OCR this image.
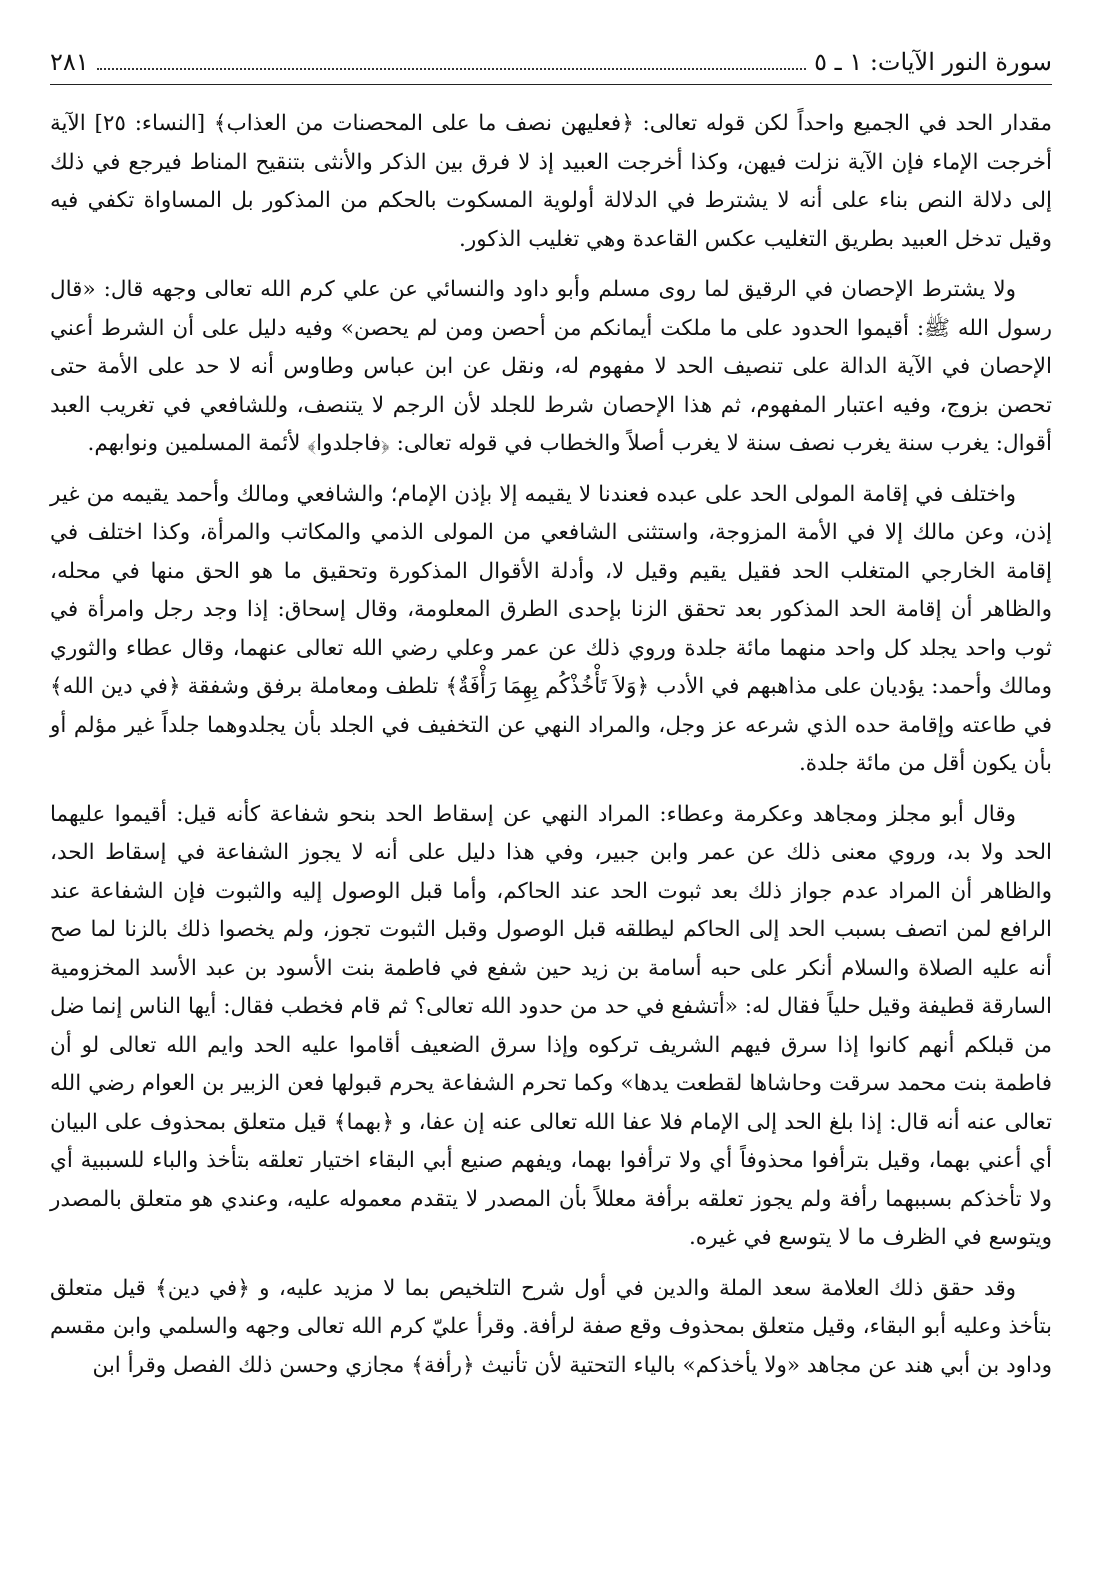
سورة النور الآيات: ١ ـ ٥
٢٨١

مقدار الحد في الجميع واحداً لكن قوله تعالى: ﴿فعليهن نصف ما على المحصنات من العذاب﴾ [النساء: ٢٥] الآية أخرجت الإماء فإن الآية نزلت فيهن، وكذا أخرجت العبيد إذ لا فرق بين الذكر والأنثى بتنقيح المناط فيرجع في ذلك إلى دلالة النص بناء على أنه لا يشترط في الدلالة أولوية المسكوت بالحكم من المذكور بل المساواة تكفي فيه وقيل تدخل العبيد بطريق التغليب عكس القاعدة وهي تغليب الذكور.

ولا يشترط الإحصان في الرقيق لما روى مسلم وأبو داود والنسائي عن علي كرم الله تعالى وجهه قال: «قال رسول الله ﷺ: أقيموا الحدود على ما ملكت أيمانكم من أحصن ومن لم يحصن» وفيه دليل على أن الشرط أعني الإحصان في الآية الدالة على تنصيف الحد لا مفهوم له، ونقل عن ابن عباس وطاوس أنه لا حد على الأمة حتى تحصن بزوج، وفيه اعتبار المفهوم، ثم هذا الإحصان شرط للجلد لأن الرجم لا يتنصف، وللشافعي في تغريب العبد أقوال: يغرب سنة يغرب نصف سنة لا يغرب أصلاً والخطاب في قوله تعالى: ﴿فاجلدوا﴾ لأئمة المسلمين ونوابهم.

واختلف في إقامة المولى الحد على عبده فعندنا لا يقيمه إلا بإذن الإمام؛ والشافعي ومالك وأحمد يقيمه من غير إذن، وعن مالك إلا في الأمة المزوجة، واستثنى الشافعي من المولى الذمي والمكاتب والمرأة، وكذا اختلف في إقامة الخارجي المتغلب الحد فقيل يقيم وقيل لا، وأدلة الأقوال المذكورة وتحقيق ما هو الحق منها في محله، والظاهر أن إقامة الحد المذكور بعد تحقق الزنا بإحدى الطرق المعلومة، وقال إسحاق: إذا وجد رجل وامرأة في ثوب واحد يجلد كل واحد منهما مائة جلدة وروي ذلك عن عمر وعلي رضي الله تعالى عنهما، وقال عطاء والثوري ومالك وأحمد: يؤديان على مذاهبهم في الأدب ﴿وَلاَ تَأْخُذْكُم بِهِمَا رَأْفَةٌ﴾ تلطف ومعاملة برفق وشفقة ﴿في دين الله﴾ في طاعته وإقامة حده الذي شرعه عز وجل، والمراد النهي عن التخفيف في الجلد بأن يجلدوهما جلداً غير مؤلم أو بأن يكون أقل من مائة جلدة.

وقال أبو مجلز ومجاهد وعكرمة وعطاء: المراد النهي عن إسقاط الحد بنحو شفاعة كأنه قيل: أقيموا عليهما الحد ولا بد، وروي معنى ذلك عن عمر وابن جبير، وفي هذا دليل على أنه لا يجوز الشفاعة في إسقاط الحد، والظاهر أن المراد عدم جواز ذلك بعد ثبوت الحد عند الحاكم، وأما قبل الوصول إليه والثبوت فإن الشفاعة عند الرافع لمن اتصف بسبب الحد إلى الحاكم ليطلقه قبل الوصول وقبل الثبوت تجوز، ولم يخصوا ذلك بالزنا لما صح أنه عليه الصلاة والسلام أنكر على حبه أسامة بن زيد حين شفع في فاطمة بنت الأسود بن عبد الأسد المخزومية السارقة قطيفة وقيل حلياً فقال له: «أتشفع في حد من حدود الله تعالى؟ ثم قام فخطب فقال: أيها الناس إنما ضل من قبلكم أنهم كانوا إذا سرق فيهم الشريف تركوه وإذا سرق الضعيف أقاموا عليه الحد وايم الله تعالى لو أن فاطمة بنت محمد سرقت وحاشاها لقطعت يدها» وكما تحرم الشفاعة يحرم قبولها فعن الزبير بن العوام رضي الله تعالى عنه أنه قال: إذا بلغ الحد إلى الإمام فلا عفا الله تعالى عنه إن عفا، و ﴿بهما﴾ قيل متعلق بمحذوف على البيان أي أعني بهما، وقيل بترأفوا محذوفاً أي ولا ترأفوا بهما، ويفهم صنيع أبي البقاء اختيار تعلقه بتأخذ والباء للسببية أي ولا تأخذكم بسببهما رأفة ولم يجوز تعلقه برأفة معللاً بأن المصدر لا يتقدم معموله عليه، وعندي هو متعلق بالمصدر ويتوسع في الظرف ما لا يتوسع في غيره.

وقد حقق ذلك العلامة سعد الملة والدين في أول شرح التلخيص بما لا مزيد عليه، و ﴿في دين﴾ قيل متعلق بتأخذ وعليه أبو البقاء، وقيل متعلق بمحذوف وقع صفة لرأفة. وقرأ عليّ كرم الله تعالى وجهه والسلمي وابن مقسم وداود بن أبي هند عن مجاهد «ولا يأخذكم» بالياء التحتية لأن تأنيث ﴿رأفة﴾ مجازي وحسن ذلك الفصل وقرأ ابن
